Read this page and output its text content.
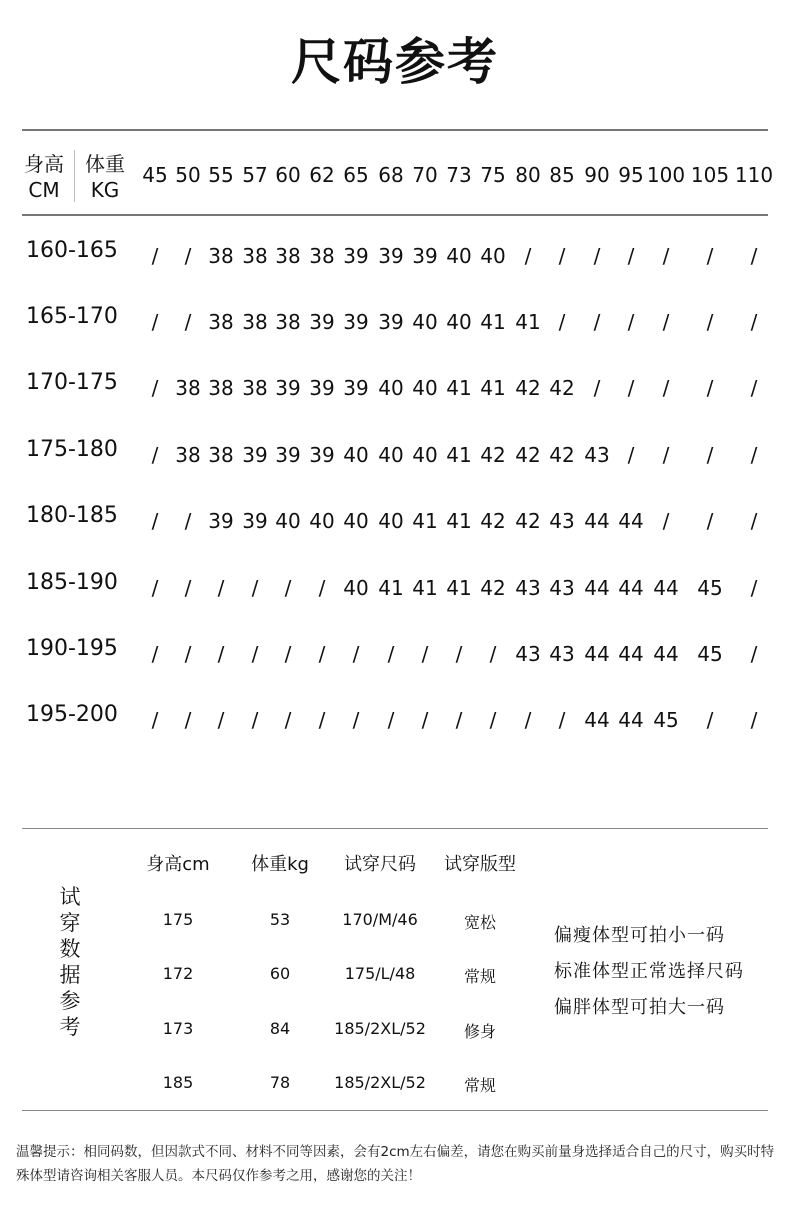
尺码参考
身高
CM
体重
KG
45 50 55 57 60 62 65 68 70 73 75 80 85 90 95 100 105 110
160-165	/	/ 38 38 38 38 39 39 39 40 40 /	/	/	/	/	/	/
165-170	/	/ 38 38 38 39 39 39 40 40 41 41 /	/	/	/	/	/
170-175	/ 38 38 38 39 39 39 40 40 41 41 42 42 /	/	/	/	/
175-180	/ 38 38 39 39 39 40 40 40 41 42 42 42 43 /	/	/	/
180-185	/	/ 39 39 40 40 40 40 41 41 42 42 43 44 44 /	/	/
185-190	/	/	/	/	/	/ 40 41 41 41 42 43 43 44 44 44 45	/
190-195	/	/	/	/	/	/	/	/	/	/	/ 43 43 44 44 44 45	/
195-200	/	/	/	/	/	/	/	/	/	/	/	/	/ 44 44 45	/	/
试
穿
数
据
参
考
身高cm 体重kg 试穿尺码 试穿版型
175	53	170/M/46	宽松
172	60	175/L/48	常规
173	84	185/2XL/52 修身
185	78	185/2XL/52 常规
偏瘦体型可拍小一码
标准体型正常选择尺码
偏胖体型可拍大一码
温馨提示：相同码数，但因款式不同、材料不同等因素，会有2cm左右偏差，请您在购买前量身选择适合自己的尺寸，购买时特殊体型请咨询相关客服人员。本尺码仅作参考之用，感谢您的关注！
